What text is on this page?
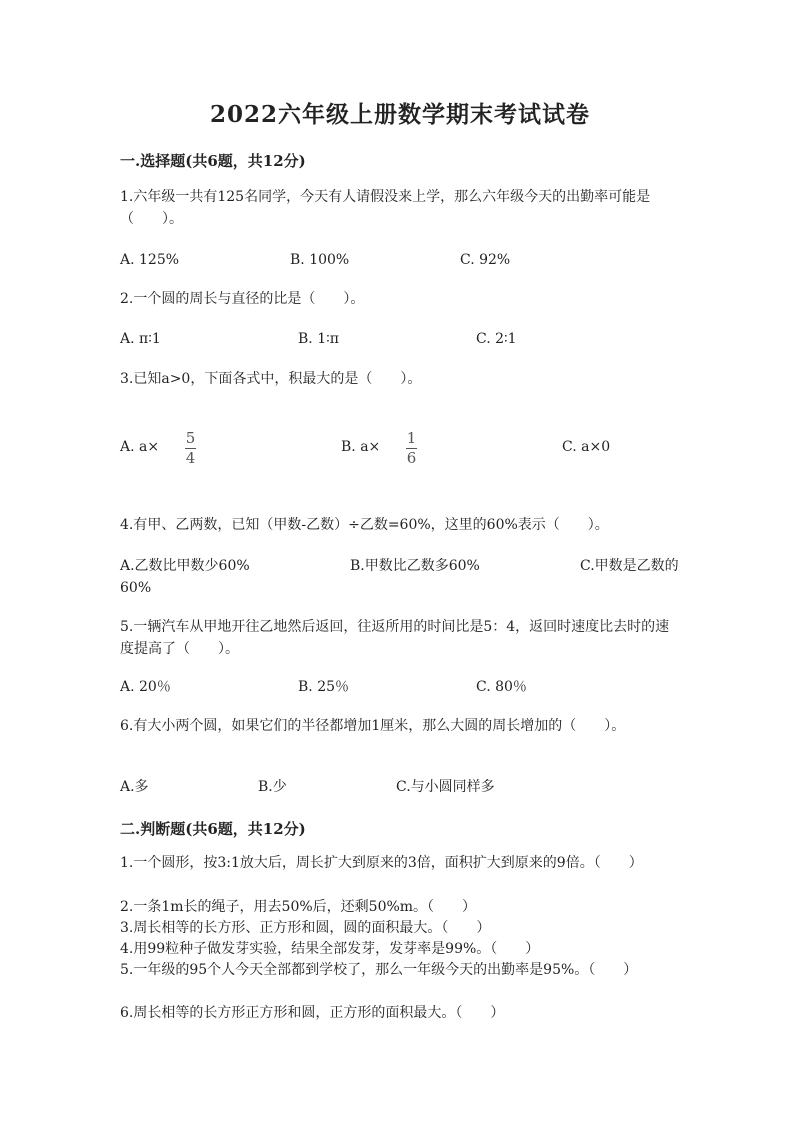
2022六年级上册数学期末考试试卷
一.选择题(共6题，共12分)
1.六年级一共有125名同学，今天有人请假没来上学，那么六年级今天的出勤率可能是（　　）。
A. 125%	B. 100%	C. 92%
2.一个圆的周长与直径的比是（　　）。
A. π∶1	B. 1∶π	C. 2∶1
3.已知a>0，下面各式中，积最大的是（　　）。
A. a× 5
4
B. a× 1
6
C. a×0
4.有甲、乙两数，已知（甲数-乙数）÷乙数=60%，这里的60%表示（　　）。
A.乙数比甲数少60%	B.甲数比乙数多60%	C.甲数是乙数的60%
5.一辆汽车从甲地开往乙地然后返回，往返所用的时间比是5：4，返回时速度比去时的速度提高了（　　）。
A. 20％	B. 25％	C. 80％
6.有大小两个圆，如果它们的半径都增加1厘米，那么大圆的周长增加的（　　）。
A.多	B.少	C.与小圆同样多
二.判断题(共6题，共12分)
1.一个圆形，按3:1放大后，周长扩大到原来的3倍，面积扩大到原来的9倍。（　　）
2.一条1m长的绳子，用去50%后，还剩50%m。（　　）
3.周长相等的长方形、正方形和圆，圆的面积最大。（　　）
4.用99粒种子做发芽实验，结果全部发芽，发芽率是99%。（　　）
5.一年级的95个人今天全部都到学校了，那么一年级今天的出勤率是95%。（　　）
6.周长相等的长方形正方形和圆，正方形的面积最大。（　　）
